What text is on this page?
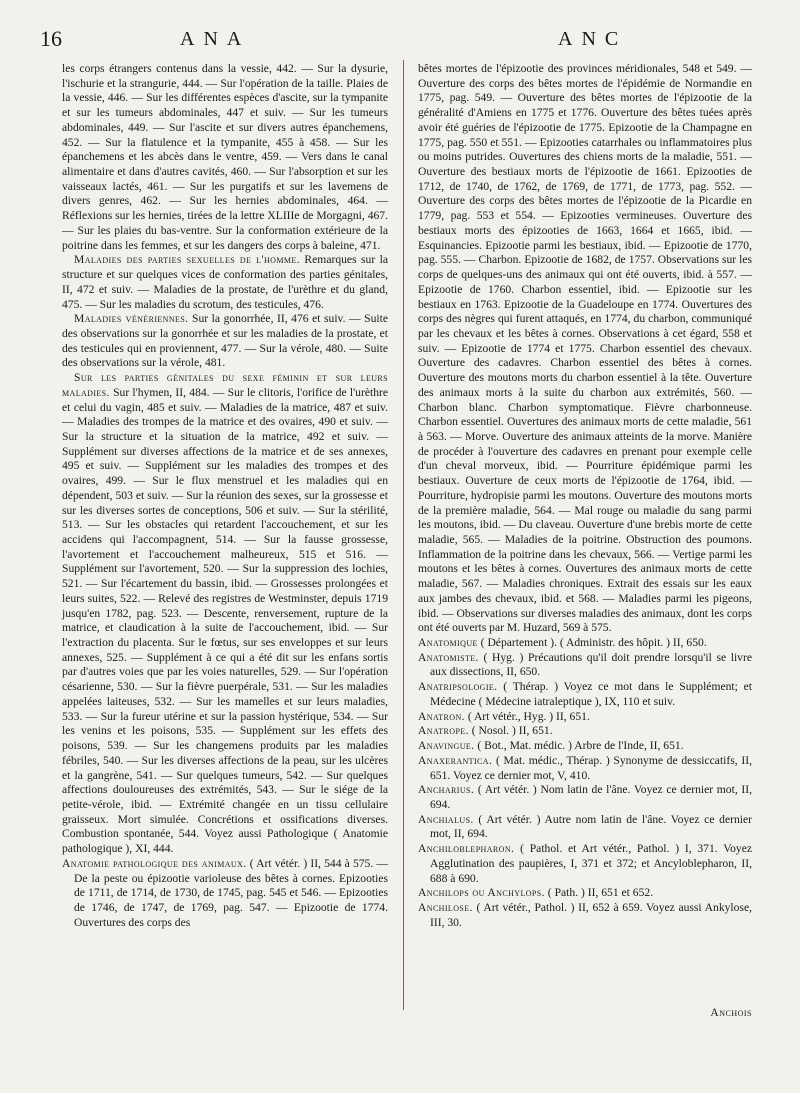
16	ANA	ANC

les corps étrangers contenus dans la vessie, 442. — Sur la dysurie, l'ischurie et la strangurie, 444. — Sur l'opération de la taille. Plaies de la vessie, 446. — Sur les différentes espèces d'ascite, sur la tympanite et sur les tumeurs abdominales, 447 et suiv. — Sur les tumeurs abdominales, 449. — Sur l'ascite et sur divers autres épanchemens, 452. — Sur la flatulence et la tympanite, 455 à 458. — Sur les épanchemens et les abcès dans le ventre, 459. — Vers dans le canal alimentaire et dans d'autres cavités, 460. — Sur l'absorption et sur les vaisseaux lactés, 461. — Sur les purgatifs et sur les lavemens de divers genres, 462. — Sur les hernies abdominales, 464. — Réflexions sur les hernies, tirées de la lettre XLIIIe de Morgagni, 467. — Sur les plaies du bas-ventre. Sur la conformation extérieure de la poitrine dans les femmes, et sur les dangers des corps à baleine, 471.

Maladies des parties sexuelles de l'homme. Remarques sur la structure et sur quelques vices de conformation des parties génitales, II, 472 et suiv. — Maladies de la prostate, de l'urèthre et du gland, 475. — Sur les maladies du scrotum, des testicules, 476.

Maladies vénériennes. Sur la gonorrhée, II, 476 et suiv. — Suite des observations sur la gonorrhée et sur les maladies de la prostate, et des testicules qui en proviennent, 477. — Sur la vérole, 480. — Suite des observations sur la vérole, 481.

Sur les parties génitales du sexe féminin et sur leurs maladies. Sur l'hymen, II, 484. — Sur le clitoris, l'orifice de l'urèthre et celui du vagin, 485 et suiv. — Maladies de la matrice, 487 et suiv. — Maladies des trompes de la matrice et des ovaires, 490 et suiv. — Sur la structure et la situation de la matrice, 492 et suiv. — Supplément sur diverses affections de la matrice et de ses annexes, 495 et suiv. — Supplément sur les maladies des trompes et des ovaires, 499. — Sur le flux menstruel et les maladies qui en dépendent, 503 et suiv. — Sur la réunion des sexes, sur la grossesse et sur les diverses sortes de conceptions, 506 et suiv. — Sur la stérilité, 513. — Sur les obstacles qui retardent l'accouchement, et sur les accidens qui l'accompagnent, 514. — Sur la fausse grossesse, l'avortement et l'accouchement malheureux, 515 et 516. — Supplément sur l'avortement, 520. — Sur la suppression des lochies, 521. — Sur l'écartement du bassin, ibid. — Grossesses prolongées et leurs suites, 522. — Relevé des registres de Westminster, depuis 1719 jusqu'en 1782, pag. 523. — Descente, renversement, rupture de la matrice, et claudication à la suite de l'accouchement, ibid. — Sur l'extraction du placenta. Sur le fœtus, sur ses enveloppes et sur leurs annexes, 525. — Supplément à ce qui a été dit sur les enfans sortis par d'autres voies que par les voies naturelles, 529. — Sur l'opération césarienne, 530. — Sur la fièvre puerpérale, 531. — Sur les maladies appelées laiteuses, 532. — Sur les mamelles et sur leurs maladies, 533. — Sur la fureur utérine et sur la passion hystérique, 534. — Sur les venins et les poisons, 535. — Supplément sur les effets des poisons, 539. — Sur les changemens produits par les maladies fébriles, 540. — Sur les diverses affections de la peau, sur les ulcères et la gangrène, 541. — Sur quelques tumeurs, 542. — Sur quelques affections douloureuses des extrémités, 543. — Sur le siége de la petite-vérole, ibid. — Extrémité changée en un tissu cellulaire graisseux. Mort simulée. Concrétions et ossifications diverses. Combustion spontanée, 544. Voyez aussi Pathologique ( Anatomie pathologique ), XI, 444.

Anatomie pathologique des animaux. ( Art vétér. ) II, 544 à 575. — De la peste ou épizootie varioleuse des bêtes à cornes. Epizooties de 1711, de 1714, de 1730, de 1745, pag. 545 et 546. — Epizooties de 1746, de 1747, de 1769, pag. 547. — Epizootie de 1774. Ouvertures des corps des

bêtes mortes de l'épizootie des provinces méridionales, 548 et 549. — Ouverture des corps des bêtes mortes de l'épidémie de Normandie en 1775, pag. 549. — Ouverture des bêtes mortes de l'épizootie de la généralité d'Amiens en 1775 et 1776. Ouverture des bêtes tuées après avoir été guéries de l'épizootie de 1775. Epizootie de la Champagne en 1775, pag. 550 et 551. — Epizooties catarrhales ou inflammatoires plus ou moins putrides. Ouvertures des chiens morts de la maladie, 551. — Ouverture des bestiaux morts de l'épizootie de 1661. Epizooties de 1712, de 1740, de 1762, de 1769, de 1771, de 1773, pag. 552. — Ouverture des corps des bêtes mortes de l'épizootie de la Picardie en 1779, pag. 553 et 554. — Epizooties vermineuses. Ouverture des bestiaux morts des épizooties de 1663, 1664 et 1665, ibid. — Esquinancies. Epizootie parmi les bestiaux, ibid. — Epizootie de 1770, pag. 555. — Charbon. Epizootie de 1682, de 1757. Observations sur les corps de quelques-uns des animaux qui ont été ouverts, ibid. à 557. — Epizootie de 1760. Charbon essentiel, ibid. — Epizootie sur les bestiaux en 1763. Epizootie de la Guadeloupe en 1774. Ouvertures des corps des nègres qui furent attaqués, en 1774, du charbon, communiqué par les chevaux et les bêtes à cornes. Observations à cet égard, 558 et suiv. — Epizootie de 1774 et 1775. Charbon essentiel des chevaux. Ouverture des cadavres. Charbon essentiel des bêtes à cornes. Ouverture des moutons morts du charbon essentiel à la tête. Ouverture des animaux morts à la suite du charbon aux extrémités, 560. — Charbon blanc. Charbon symptomatique. Fièvre charbonneuse. Charbon essentiel. Ouvertures des animaux morts de cette maladie, 561 à 563. — Morve. Ouverture des animaux atteints de la morve. Manière de procéder à l'ouverture des cadavres en prenant pour exemple celle d'un cheval morveux, ibid. — Pourriture épidémique parmi les bestiaux. Ouverture de ceux morts de l'épizootie de 1764, ibid. — Pourriture, hydropisie parmi les moutons. Ouverture des moutons morts de la première maladie, 564. — Mal rouge ou maladie du sang parmi les moutons, ibid. — Du claveau. Ouverture d'une brebis morte de cette maladie, 565. — Maladies de la poitrine. Obstruction des poumons. Inflammation de la poitrine dans les chevaux, 566. — Vertige parmi les moutons et les bêtes à cornes. Ouvertures des animaux morts de cette maladie, 567. — Maladies chroniques. Extrait des essais sur les eaux aux jambes des chevaux, ibid. et 568. — Maladies parmi les pigeons, ibid. — Observations sur diverses maladies des animaux, dont les corps ont été ouverts par M. Huzard, 569 à 575.

Anatomique ( Département ). ( Administr. des hôpit. ) II, 650.

Anatomiste. ( Hyg. ) Précautions qu'il doit prendre lorsqu'il se livre aux dissections, II, 650.

Anatripsologie. ( Thérap. ) Voyez ce mot dans le Supplément; et Médecine ( Médecine iatraleptique ), IX, 110 et suiv.

Anatron. ( Art vétér., Hyg. ) II, 651.

Anatrope. ( Nosol. ) II, 651.

Anavingue. ( Bot., Mat. médic. ) Arbre de l'Inde, II, 651.

Anaxerantica. ( Mat. médic., Thérap. ) Synonyme de dessiccatifs, II, 651. Voyez ce dernier mot, V, 410.

Ancharius. ( Art vétér. ) Nom latin de l'âne. Voyez ce dernier mot, II, 694.

Anchialus. ( Art vétér. ) Autre nom latin de l'âne. Voyez ce dernier mot, II, 694.

Anchiloblepharon. ( Pathol. et Art vétér., Pathol. ) I, 371. Voyez Agglutination des paupières, I, 371 et 372; et Ancyloblepharon, II, 688 à 690.

Anchilops ou Anchylops. ( Path. ) II, 651 et 652.

Anchilose. ( Art vétér., Pathol. ) II, 652 à 659. Voyez aussi Ankylose, III, 30.

Anchois
